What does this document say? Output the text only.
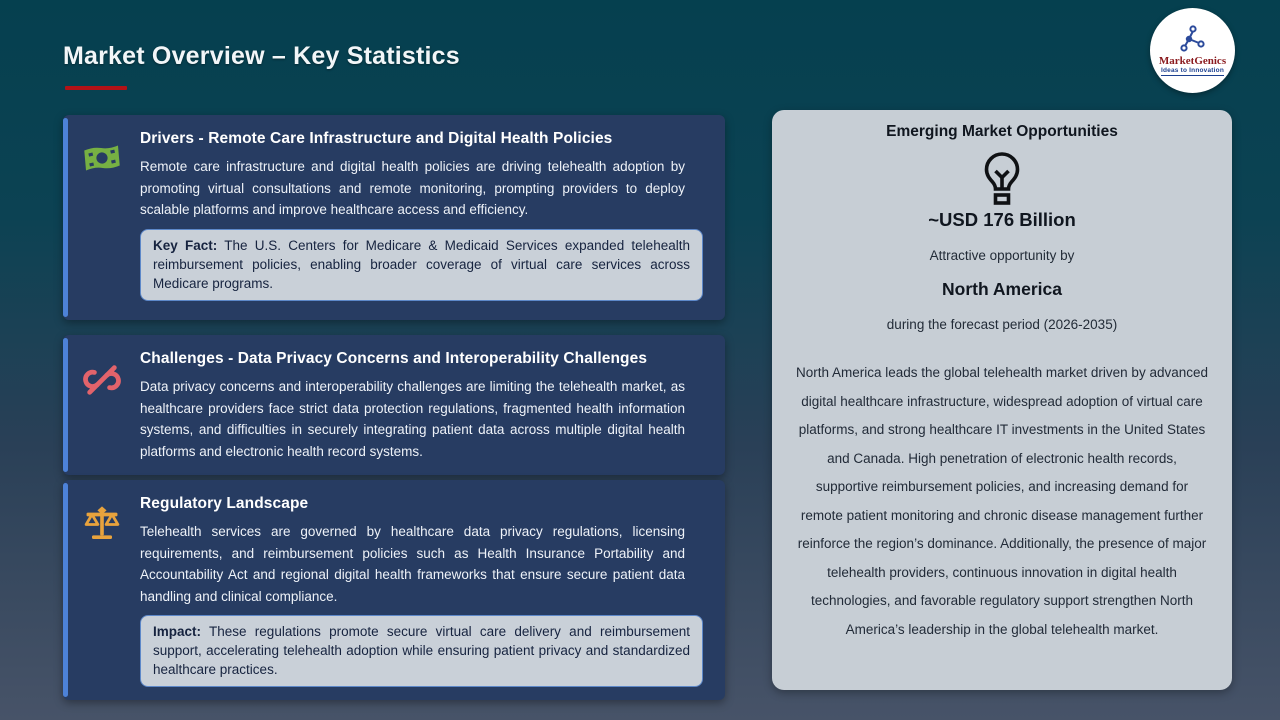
Market Overview – Key Statistics	MarketGenics
Ideas to Innovation
Drivers - Remote Care Infrastructure and Digital Health Policies
Remote care infrastructure and digital health policies are driving telehealth adoption by promoting virtual consultations and remote monitoring, prompting providers to deploy scalable platforms and improve healthcare access and efficiency.
Key Fact: The U.S. Centers for Medicare & Medicaid Services expanded telehealth reimbursement policies, enabling broader coverage of virtual care services across Medicare programs.
Challenges - Data Privacy Concerns and Interoperability Challenges
Data privacy concerns and interoperability challenges are limiting the telehealth market, as healthcare providers face strict data protection regulations, fragmented health information systems, and difficulties in securely integrating patient data across multiple digital health platforms and electronic health record systems.
Regulatory Landscape
Telehealth services are governed by healthcare data privacy regulations, licensing requirements, and reimbursement policies such as Health Insurance Portability and Accountability Act and regional digital health frameworks that ensure secure patient data handling and clinical compliance.
Impact: These regulations promote secure virtual care delivery and reimbursement support, accelerating telehealth adoption while ensuring patient privacy and standardized healthcare practices.
Emerging Market Opportunities
~USD 176 Billion
Attractive opportunity by
North America
during the forecast period (2026-2035)
North America leads the global telehealth market driven by advanced digital healthcare infrastructure, widespread adoption of virtual care platforms, and strong healthcare IT investments in the United States and Canada. High penetration of electronic health records, supportive reimbursement policies, and increasing demand for remote patient monitoring and chronic disease management further reinforce the region’s dominance. Additionally, the presence of major telehealth providers, continuous innovation in digital health technologies, and favorable regulatory support strengthen North America’s leadership in the global telehealth market.
